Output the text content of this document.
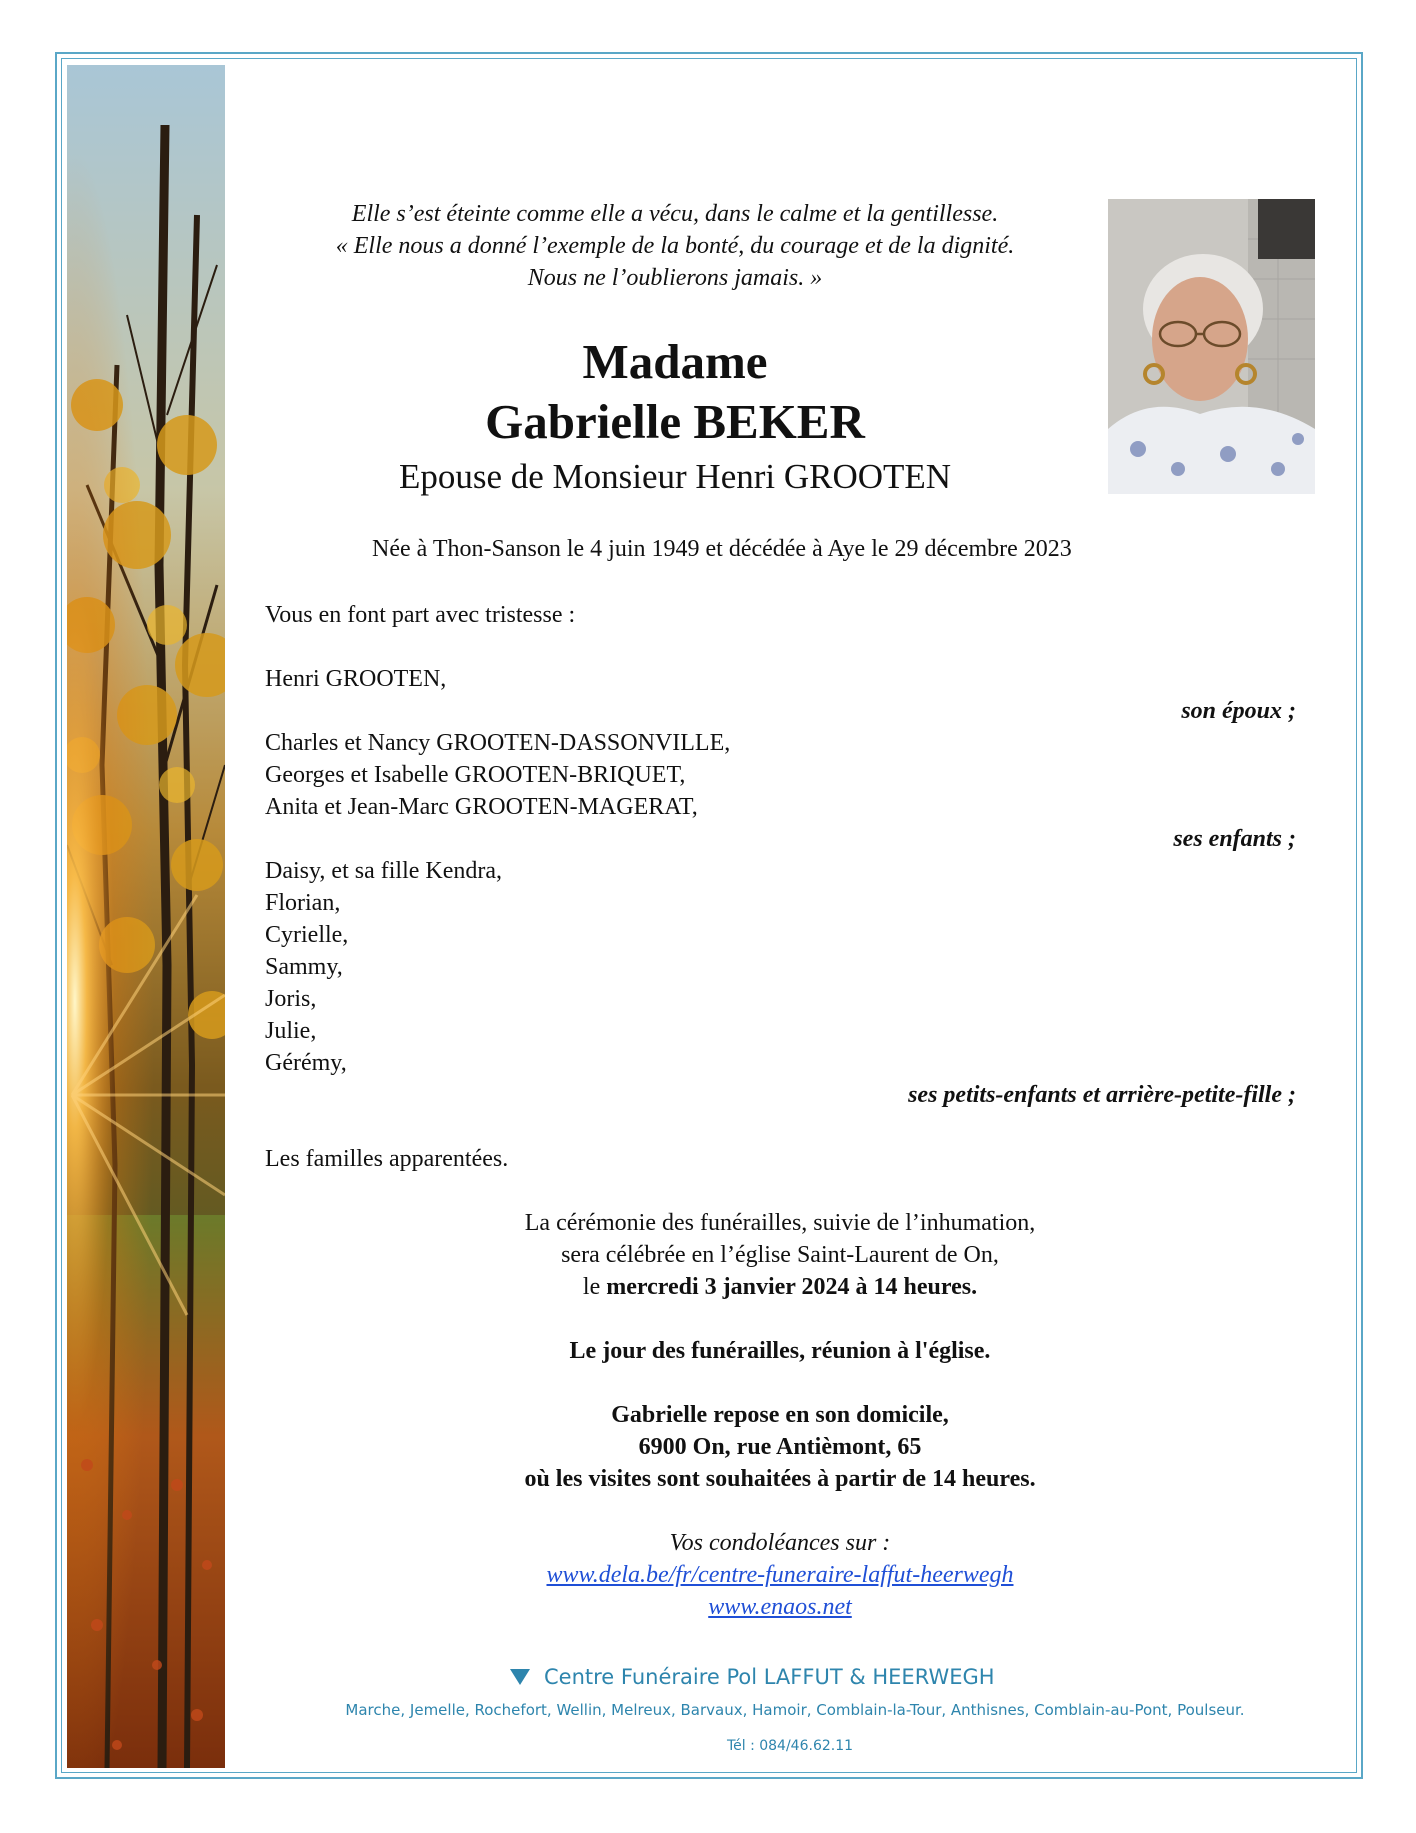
Elle s’est éteinte comme elle a vécu, dans le calme et la gentillesse.
« Elle nous a donné l’exemple de la bonté, du courage et de la dignité.
Nous ne l’oublierons jamais. »
Madame
Gabrielle BEKER
Epouse de Monsieur Henri GROOTEN
Née à Thon-Sanson le 4 juin 1949 et décédée à Aye le 29 décembre 2023
Vous en font part avec tristesse :
Henri GROOTEN,
son époux ;
Charles et Nancy GROOTEN-DASSONVILLE,
Georges et Isabelle GROOTEN-BRIQUET,
Anita et Jean-Marc GROOTEN-MAGERAT,
ses enfants ;
Daisy, et sa fille Kendra,
Florian,
Cyrielle,
Sammy,
Joris,
Julie,
Gérémy,
ses petits-enfants et arrière-petite-fille ;
Les familles apparentées.
La cérémonie des funérailles, suivie de l’inhumation,
sera célébrée en l’église Saint-Laurent de On,
le mercredi 3 janvier 2024 à 14 heures.
Le jour des funérailles, réunion à l'église.
Gabrielle repose en son domicile,
6900 On, rue Antièmont, 65
où les visites sont souhaitées à partir de 14 heures.
Vos condoléances sur :
www.dela.be/fr/centre-funeraire-laffut-heerwegh
www.enaos.net
Centre Funéraire Pol LAFFUT & HEERWEGH
Marche, Jemelle, Rochefort, Wellin, Melreux, Barvaux, Hamoir, Comblain-la-Tour, Anthisnes, Comblain-au-Pont, Poulseur.
Tél : 084/46.62.11
